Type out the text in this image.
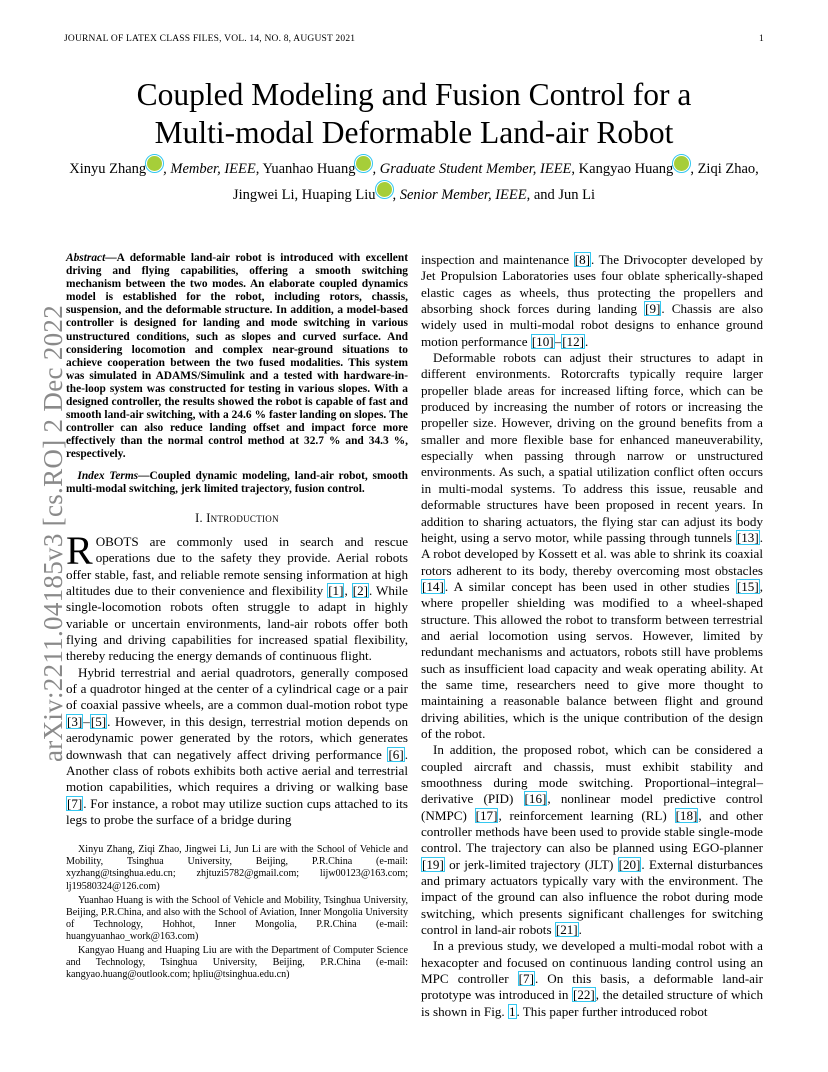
JOURNAL OF LATEX CLASS FILES, VOL. 14, NO. 8, AUGUST 2021	1
arXiv:2211.04185v3 [cs.RO] 2 Dec 2022
Coupled Modeling and Fusion Control for a
Multi-modal Deformable Land-air Robot
Xinyu Zhang , Member, IEEE, Yuanhao Huang , Graduate Student Member, IEEE, Kangyao Huang , Ziqi Zhao, Jingwei Li, Huaping Liu , Senior Member, IEEE, and Jun Li

Abstract—A deformable land-air robot is introduced with excellent driving and flying capabilities, offering a smooth switching mechanism between the two modes. An elaborate coupled dynamics model is established for the robot, including rotors, chassis, suspension, and the deformable structure. In addition, a model-based controller is designed for landing and mode switching in various unstructured conditions, such as slopes and curved surface. And considering locomotion and complex near-ground situations to achieve cooperation between the two fused modalities. This system was simulated in ADAMS/Simulink and a tested with hardware-in-the-loop system was constructed for testing in various slopes. With a designed controller, the results showed the robot is capable of fast and smooth land-air switching, with a 24.6 % faster landing on slopes. The controller can also reduce landing offset and impact force more effectively than the normal control method at 32.7 % and 34.3 %, respectively.

 Index Terms—Coupled dynamic modeling, land-air robot, smooth multi-modal switching, jerk limited trajectory, fusion control.

I. Introduction

ROBOTS are commonly used in search and rescue operations due to the safety they provide. Aerial robots offer stable, fast, and reliable remote sensing information at high altitudes due to their convenience and flexibility [1], [2]. While single-locomotion robots often struggle to adapt in highly variable or uncertain environments, land-air robots offer both flying and driving capabilities for increased spatial flexibility, thereby reducing the energy demands of continuous flight.

Hybrid terrestrial and aerial quadrotors, generally composed of a quadrotor hinged at the center of a cylindrical cage or a pair of coaxial passive wheels, are a common dual-motion robot type [3]–[5]. However, in this design, terrestrial motion depends on aerodynamic power generated by the rotors, which generates downwash that can negatively affect driving performance [6]. Another class of robots exhibits both active aerial and terrestrial motion capabilities, which requires a driving or walking base [7]. For instance, a robot may utilize suction cups attached to its legs to probe the surface of a bridge during

Xinyu Zhang, Ziqi Zhao, Jingwei Li, Jun Li are with the School of Vehicle and Mobility, Tsinghua University, Beijing, P.R.China (e-mail: xyzhang@tsinghua.edu.cn; zhjtuzi5782@gmail.com; lijw00123@163.com; lj19580324@126.com)

Yuanhao Huang is with the School of Vehicle and Mobility, Tsinghua University, Beijing, P.R.China, and also with the School of Aviation, Inner Mongolia University of Technology, Hohhot, Inner Mongolia, P.R.China (e-mail: huangyuanhao_work@163.com)

Kangyao Huang and Huaping Liu are with the Department of Computer Science and Technology, Tsinghua University, Beijing, P.R.China (e-mail: kangyao.huang@outlook.com; hpliu@tsinghua.edu.cn)

inspection and maintenance [8]. The Drivocopter developed by Jet Propulsion Laboratories uses four oblate spherically-shaped elastic cages as wheels, thus protecting the propellers and absorbing shock forces during landing [9]. Chassis are also widely used in multi-modal robot designs to enhance ground motion performance [10]–[12].

Deformable robots can adjust their structures to adapt in different environments. Rotorcrafts typically require larger propeller blade areas for increased lifting force, which can be produced by increasing the number of rotors or increasing the propeller size. However, driving on the ground benefits from a smaller and more flexible base for enhanced maneuverability, especially when passing through narrow or unstructured environments. As such, a spatial utilization conflict often occurs in multi-modal systems. To address this issue, reusable and deformable structures have been proposed in recent years. In addition to sharing actuators, the flying star can adjust its body height, using a servo motor, while passing through tunnels [13]. A robot developed by Kossett et al. was able to shrink its coaxial rotors adherent to its body, thereby overcoming most obstacles [14]. A similar concept has been used in other studies [15], where propeller shielding was modified to a wheel-shaped structure. This allowed the robot to transform between terrestrial and aerial locomotion using servos. However, limited by redundant mechanisms and actuators, robots still have problems such as insufficient load capacity and weak operating ability. At the same time, researchers need to give more thought to maintaining a reasonable balance between flight and ground driving abilities, which is the unique contribution of the design of the robot.

In addition, the proposed robot, which can be considered a coupled aircraft and chassis, must exhibit stability and smoothness during mode switching. Proportional–integral–derivative (PID) [16], nonlinear model predictive control (NMPC) [17], reinforcement learning (RL) [18], and other controller methods have been used to provide stable single-mode control. The trajectory can also be planned using EGO-planner [19] or jerk-limited trajectory (JLT) [20]. External disturbances and primary actuators typically vary with the environment. The impact of the ground can also influence the robot during mode switching, which presents significant challenges for switching control in land-air robots [21].

In a previous study, we developed a multi-modal robot with a hexacopter and focused on continuous landing control using an MPC controller [7]. On this basis, a deformable land-air prototype was introduced in [22], the detailed structure of which is shown in Fig. 1. This paper further introduced robot
